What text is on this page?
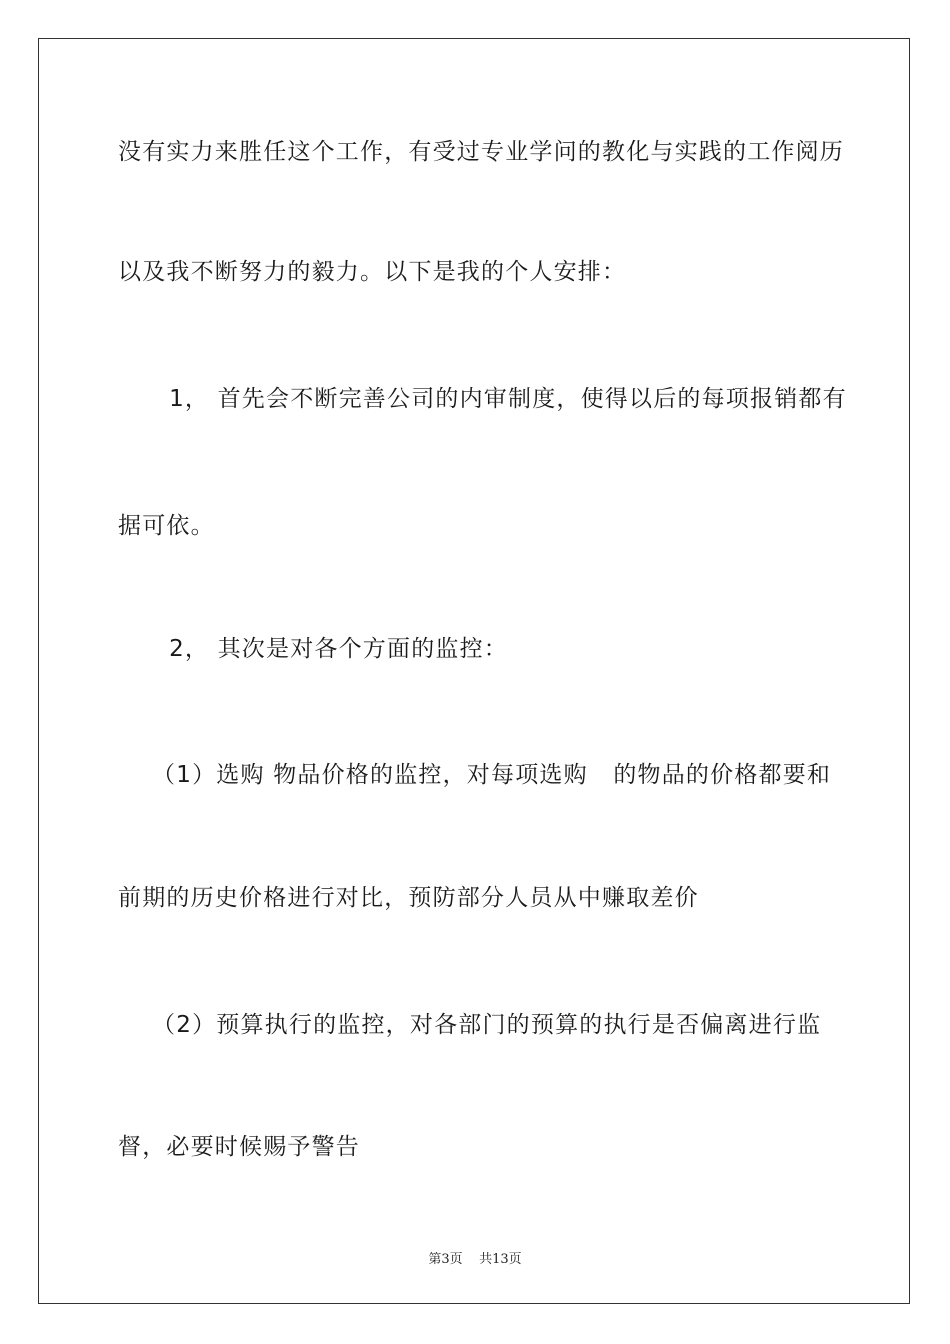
没有实力来胜任这个工作，有受过专业学问的教化与实践的工作阅历
以及我不断努力的毅力。以下是我的个人安排：
1， 首先会不断完善公司的内审制度，使得以后的每项报销都有
据可依。
2， 其次是对各个方面的监控：
（1）选购 物品价格的监控，对每项选购   的物品的价格都要和
前期的历史价格进行对比，预防部分人员从中赚取差价
（2）预算执行的监控，对各部门的预算的执行是否偏离进行监
督，必要时候赐予警告
第3页 共13页
